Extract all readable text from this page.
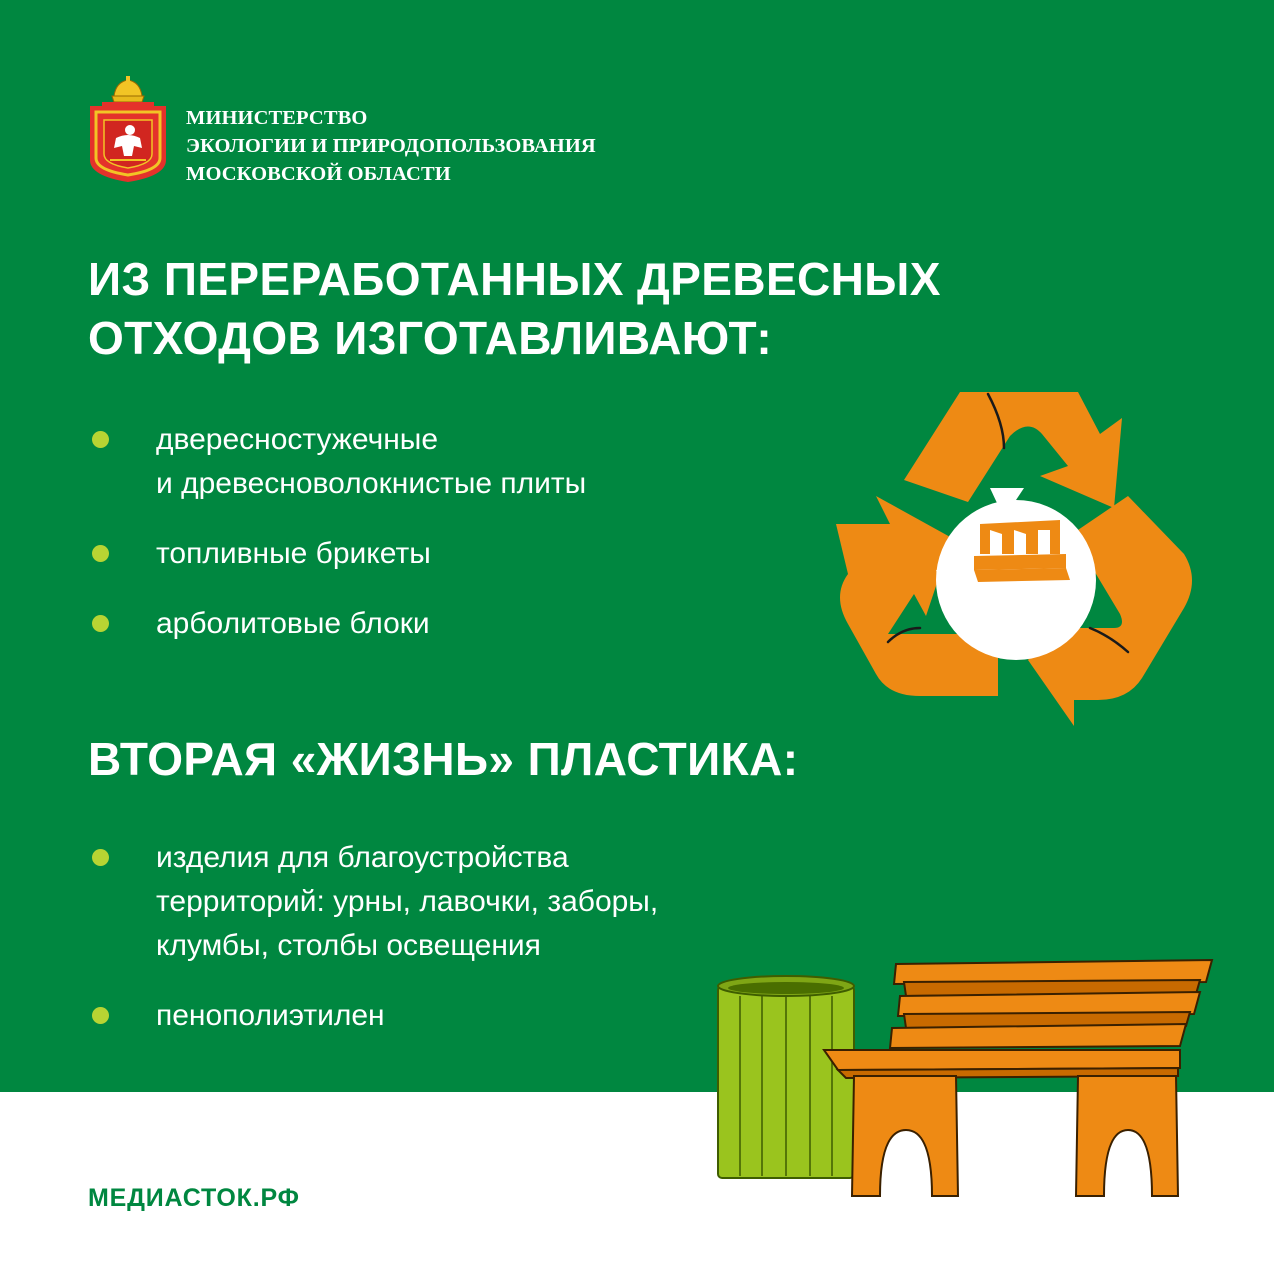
МИНИСТЕРСТВО
ЭКОЛОГИИ И ПРИРОДОПОЛЬЗОВАНИЯ
МОСКОВСКОЙ ОБЛАСТИ
ИЗ ПЕРЕРАБОТАННЫХ ДРЕВЕСНЫХ
ОТХОДОВ ИЗГОТАВЛИВАЮТ:
двересностужечные
и древесноволокнистые плиты
топливные брикеты
арболитовые блоки
ВТОРАЯ «ЖИЗНЬ» ПЛАСТИКА:
изделия для благоустройства
территорий: урны, лавочки, заборы,
клумбы, столбы освещения
пенополиэтилен
МЕДИАСТОК.РФ
